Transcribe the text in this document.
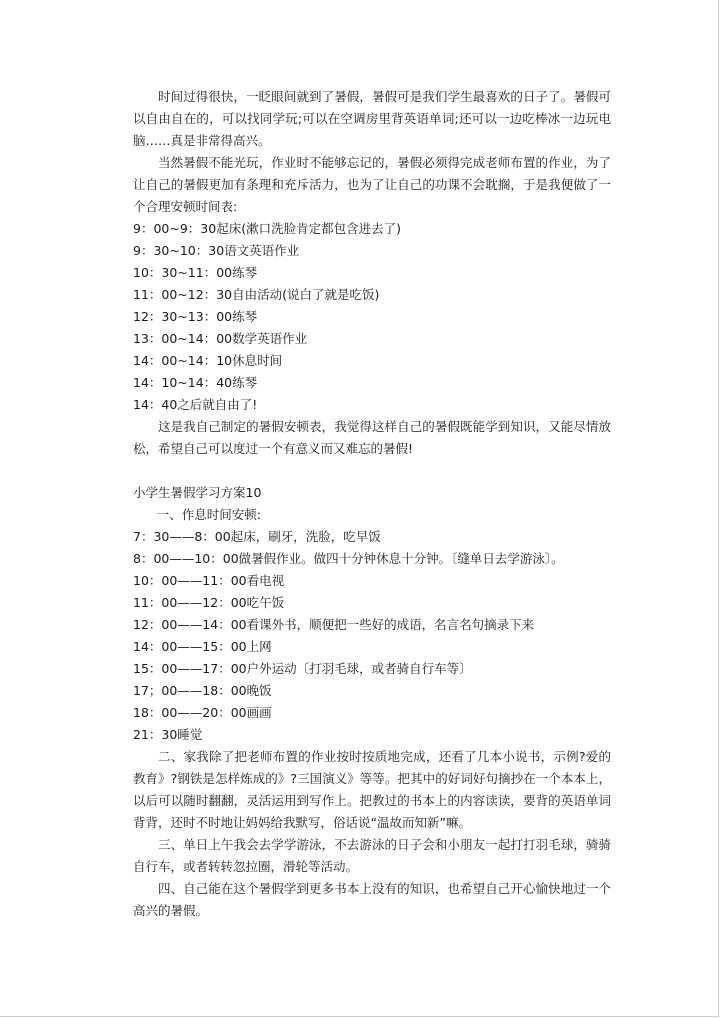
时间过得很快，一眨眼间就到了暑假，暑假可是我们学生最喜欢的日子了。暑假可以自由自在的，可以找同学玩;可以在空调房里背英语单词;还可以一边吃棒冰一边玩电脑……真是非常得高兴。

当然暑假不能光玩，作业时不能够忘记的，暑假必须得完成老师布置的作业，为了让自己的暑假更加有条理和充斥活力，也为了让自己的功课不会耽搁，于是我便做了一个合理安顿时间表:

9：00~9：30起床(漱口洗脸肯定都包含进去了)

9：30~10：30语文英语作业

10：30~11：00练琴

11：00~12：30自由活动(说白了就是吃饭)

12：30~13：00练琴

13：00~14：00数学英语作业

14：00~14：10休息时间

14：10~14：40练琴

14：40之后就自由了!

这是我自己制定的暑假安顿表，我觉得这样自己的暑假既能学到知识，又能尽情放松，希望自己可以度过一个有意义而又难忘的暑假!

小学生暑假学习方案10

一、作息时间安顿:

7：30——8：00起床，刷牙，洗脸，吃早饭

8：00——10：00做暑假作业。做四十分钟休息十分钟。〔缝单日去学游泳〕。

10：00——11：00看电视

11：00——12：00吃午饭

12：00——14：00看课外书，顺便把一些好的成语，名言名句摘录下来

14：00——15：00上网

15：00——17：00户外运动〔打羽毛球，或者骑自行车等〕

17；00——18：00晚饭

18：00——20：00画画

21：30睡觉

二、家我除了把老师布置的作业按时按质地完成，还看了几本小说书，示例?爱的教育》?钢铁是怎样炼成的》?三国演义》等等。把其中的好词好句摘抄在一个本本上，以后可以随时翻翻，灵活运用到写作上。把教过的书本上的内容读读，要背的英语单词背背，还时不时地让妈妈给我默写，俗话说“温故而知新”嘛。

三、单日上午我会去学学游泳，不去游泳的日子会和小朋友一起打打羽毛球，骑骑自行车，或者转转忽拉圈，滑轮等活动。

四、自己能在这个暑假学到更多书本上没有的知识，也希望自己开心愉快地过一个高兴的暑假。
